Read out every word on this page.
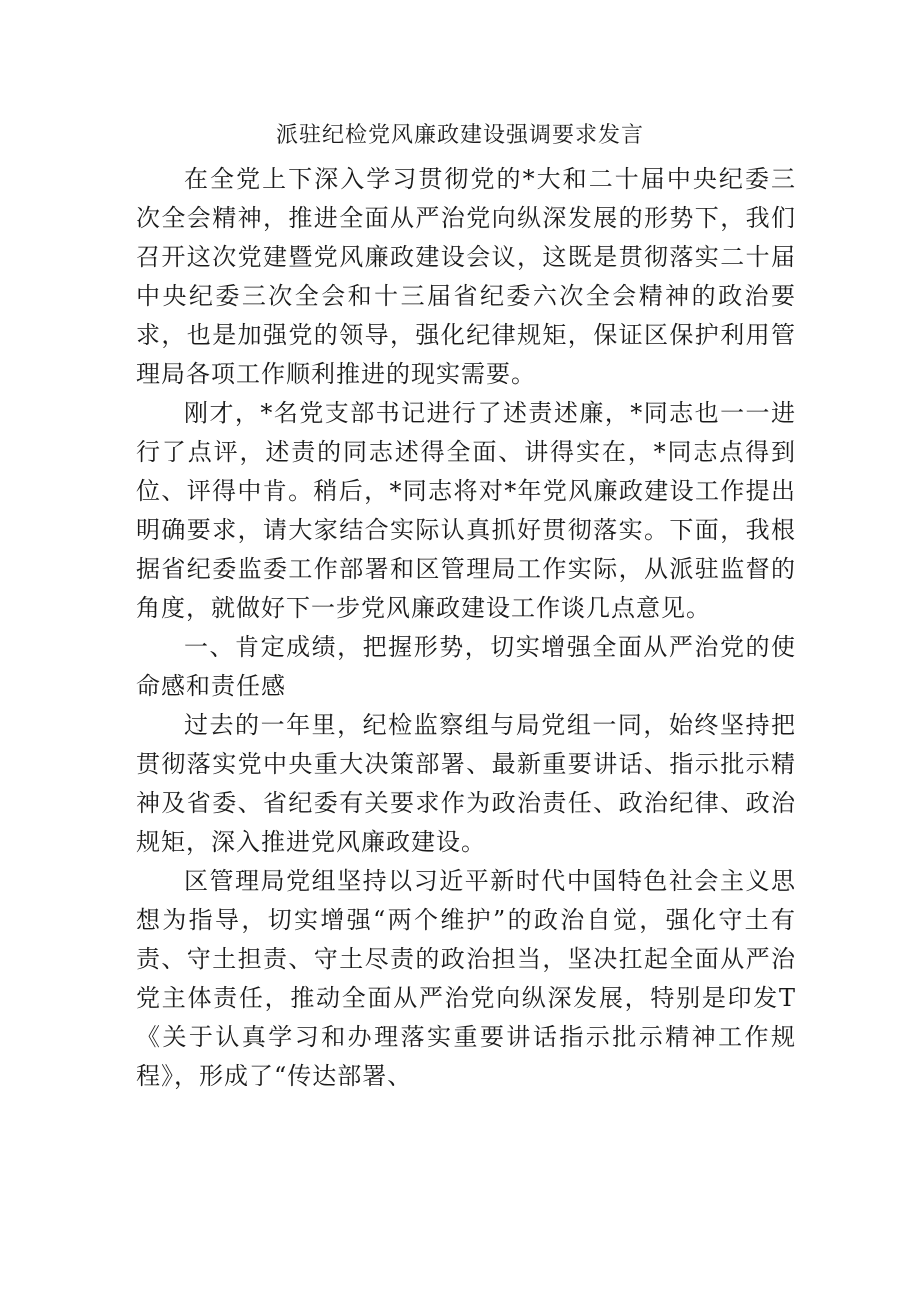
派驻纪检党风廉政建设强调要求发言

在全党上下深入学习贯彻党的*大和二十届中央纪委三次全会精神，推进全面从严治党向纵深发展的形势下，我们召开这次党建暨党风廉政建设会议，这既是贯彻落实二十届中央纪委三次全会和十三届省纪委六次全会精神的政治要求，也是加强党的领导，强化纪律规矩，保证区保护利用管理局各项工作顺利推进的现实需要。

刚才，*名党支部书记进行了述责述廉，*同志也一一进行了点评，述责的同志述得全面、讲得实在，*同志点得到位、评得中肯。稍后，*同志将对*年党风廉政建设工作提出明确要求，请大家结合实际认真抓好贯彻落实。下面，我根据省纪委监委工作部署和区管理局工作实际，从派驻监督的角度，就做好下一步党风廉政建设工作谈几点意见。

一、肯定成绩，把握形势，切实增强全面从严治党的使命感和责任感

过去的一年里，纪检监察组与局党组一同，始终坚持把贯彻落实党中央重大决策部署、最新重要讲话、指示批示精神及省委、省纪委有关要求作为政治责任、政治纪律、政治规矩，深入推进党风廉政建设。

区管理局党组坚持以习近平新时代中国特色社会主义思想为指导，切实增强“两个维护”的政治自觉，强化守土有责、守土担责、守土尽责的政治担当，坚决扛起全面从严治党主体责任，推动全面从严治党向纵深发展，特别是印发T《关于认真学习和办理落实重要讲话指示批示精神工作规程》，形成了“传达部署、
